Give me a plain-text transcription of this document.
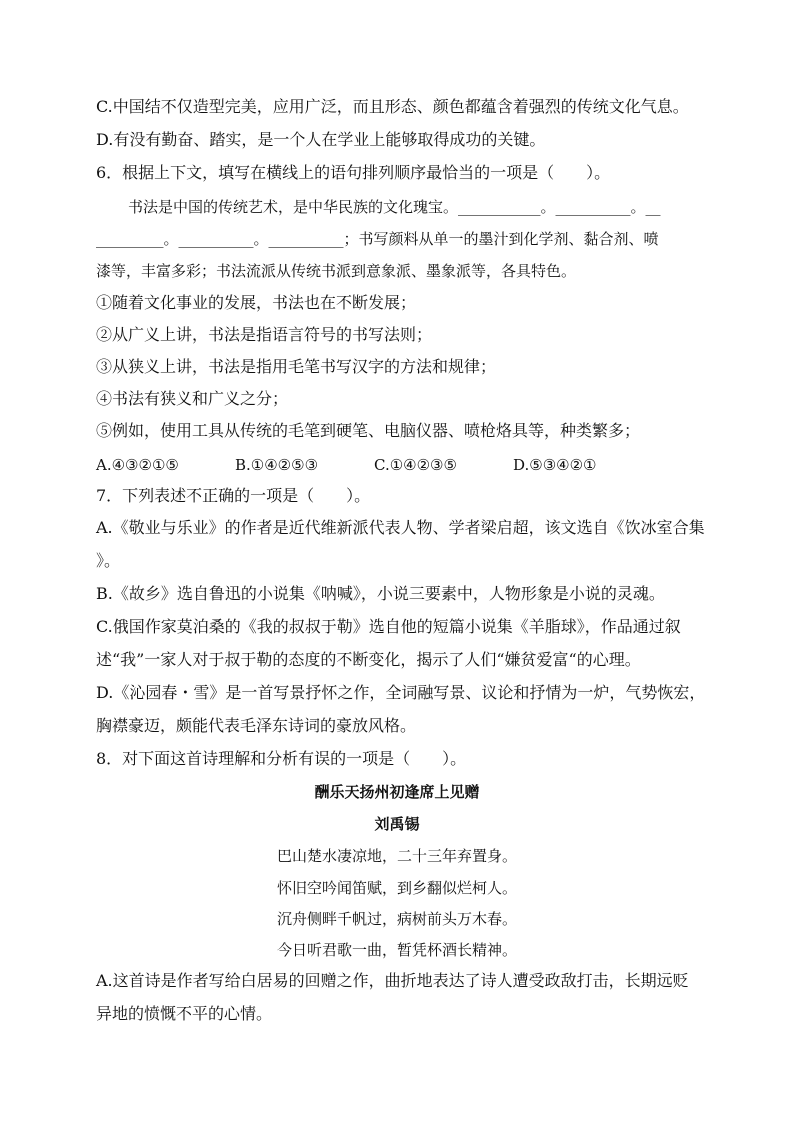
C.中国结不仅造型完美，应用广泛，而且形态、颜色都蕴含着强烈的传统文化气息。
D.有没有勤奋、踏实，是一个人在学业上能够取得成功的关键。
6．根据上下文，填写在横线上的语句排列顺序最恰当的一项是（　　）。
书法是中国的传统艺术，是中华民族的文化瑰宝。___________。__________。__
_________。__________。__________；书写颜料从单一的墨汁到化学剂、黏合剂、喷
漆等，丰富多彩；书法流派从传统书派到意象派、墨象派等，各具特色。
①随着文化事业的发展，书法也在不断发展；
②从广义上讲，书法是指语言符号的书写法则；
③从狭义上讲，书法是指用毛笔书写汉字的方法和规律；
④书法有狭义和广义之分；
⑤例如，使用工具从传统的毛笔到硬笔、电脑仪器、喷枪烙具等，种类繁多；
A.④③②①⑤	B.①④②⑤③	C.①④②③⑤	D.⑤③④②①
7．下列表述不正确的一项是（　　）。
A.《敬业与乐业》的作者是近代维新派代表人物、学者梁启超，该文选自《饮冰室合集
》。
B.《故乡》选自鲁迅的小说集《呐喊》，小说三要素中，人物形象是小说的灵魂。
C.俄国作家莫泊桑的《我的叔叔于勒》选自他的短篇小说集《羊脂球》，作品通过叙
述“我”一家人对于叔于勒的态度的不断变化，揭示了人们“嫌贫爱富“的心理。
D.《沁园春・雪》是一首写景抒怀之作，全词融写景、议论和抒情为一炉，气势恢宏，
胸襟豪迈，颇能代表毛泽东诗词的豪放风格。
8．对下面这首诗理解和分析有误的一项是（　　）。
酬乐天扬州初逢席上见赠
刘禹锡
巴山楚水凄凉地，二十三年弃置身。
怀旧空吟闻笛赋，到乡翻似烂柯人。
沉舟侧畔千帆过，病树前头万木春。
今日听君歌一曲，暂凭杯酒长精神。
A.这首诗是作者写给白居易的回赠之作，曲折地表达了诗人遭受政敌打击，长期远贬
异地的愤慨不平的心情。
